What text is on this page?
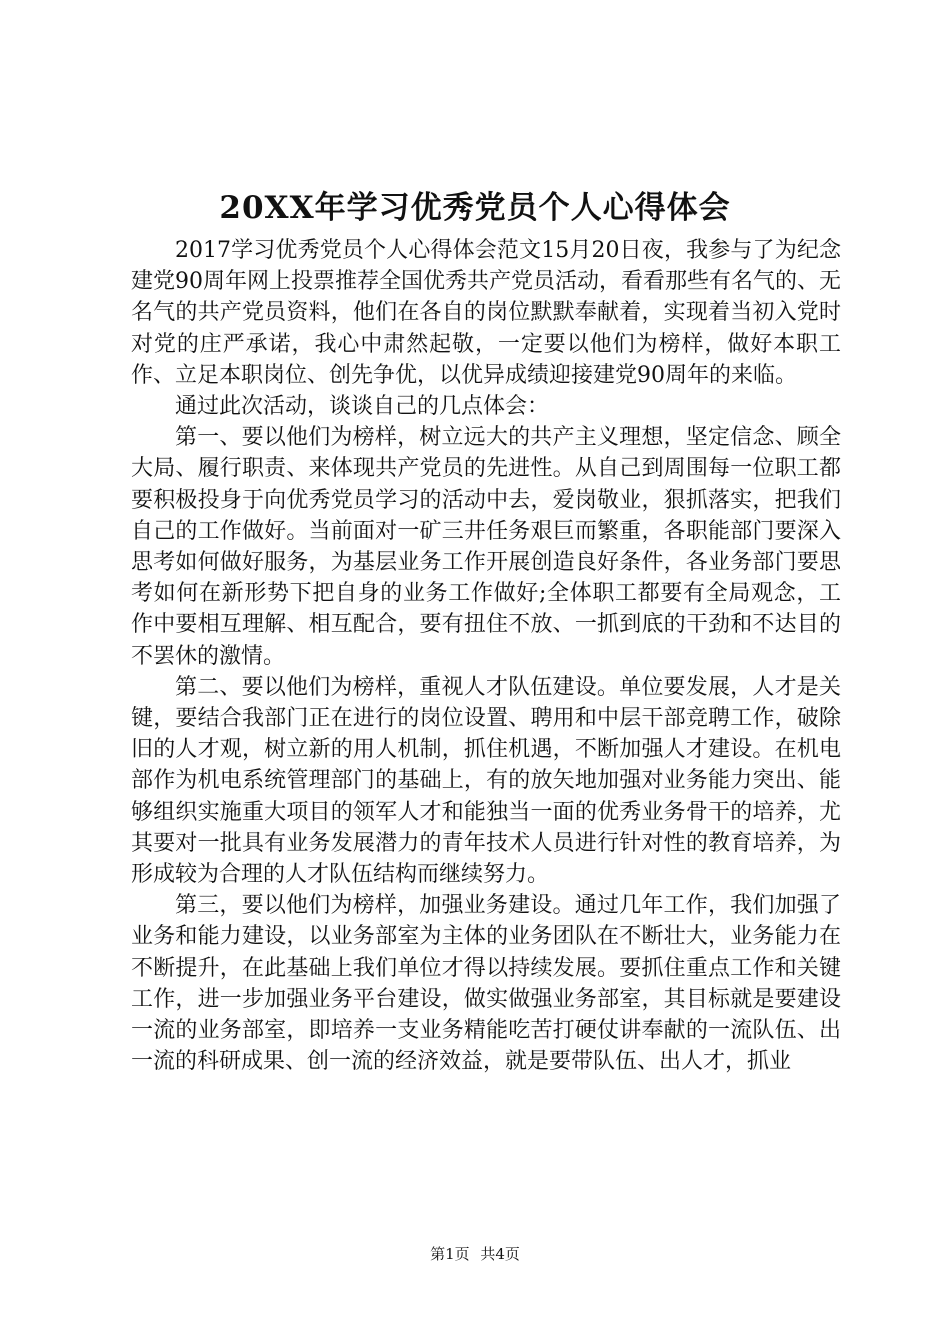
20XX年学习优秀党员个人心得体会

2017学习优秀党员个人心得体会范文15月20日夜，我参与了为纪念建党90周年网上投票推荐全国优秀共产党员活动，看看那些有名气的、无名气的共产党员资料，他们在各自的岗位默默奉献着，实现着当初入党时对党的庄严承诺，我心中肃然起敬，一定要以他们为榜样，做好本职工作、立足本职岗位、创先争优，以优异成绩迎接建党90周年的来临。

通过此次活动，谈谈自己的几点体会：

第一、要以他们为榜样，树立远大的共产主义理想，坚定信念、顾全大局、履行职责、来体现共产党员的先进性。从自己到周围每一位职工都要积极投身于向优秀党员学习的活动中去，爱岗敬业，狠抓落实，把我们自己的工作做好。当前面对一矿三井任务艰巨而繁重，各职能部门要深入思考如何做好服务，为基层业务工作开展创造良好条件，各业务部门要思考如何在新形势下把自身的业务工作做好;全体职工都要有全局观念，工作中要相互理解、相互配合，要有扭住不放、一抓到底的干劲和不达目的不罢休的激情。

第二、要以他们为榜样，重视人才队伍建设。单位要发展，人才是关键，要结合我部门正在进行的岗位设置、聘用和中层干部竞聘工作，破除旧的人才观，树立新的用人机制，抓住机遇，不断加强人才建设。在机电部作为机电系统管理部门的基础上，有的放矢地加强对业务能力突出、能够组织实施重大项目的领军人才和能独当一面的优秀业务骨干的培养，尤其要对一批具有业务发展潜力的青年技术人员进行针对性的教育培养，为形成较为合理的人才队伍结构而继续努力。

第三，要以他们为榜样，加强业务建设。通过几年工作，我们加强了业务和能力建设，以业务部室为主体的业务团队在不断壮大，业务能力在不断提升，在此基础上我们单位才得以持续发展。要抓住重点工作和关键工作，进一步加强业务平台建设，做实做强业务部室，其目标就是要建设一流的业务部室，即培养一支业务精能吃苦打硬仗讲奉献的一流队伍、出一流的科研成果、创一流的经济效益，就是要带队伍、出人才，抓业

第1页 共4页
